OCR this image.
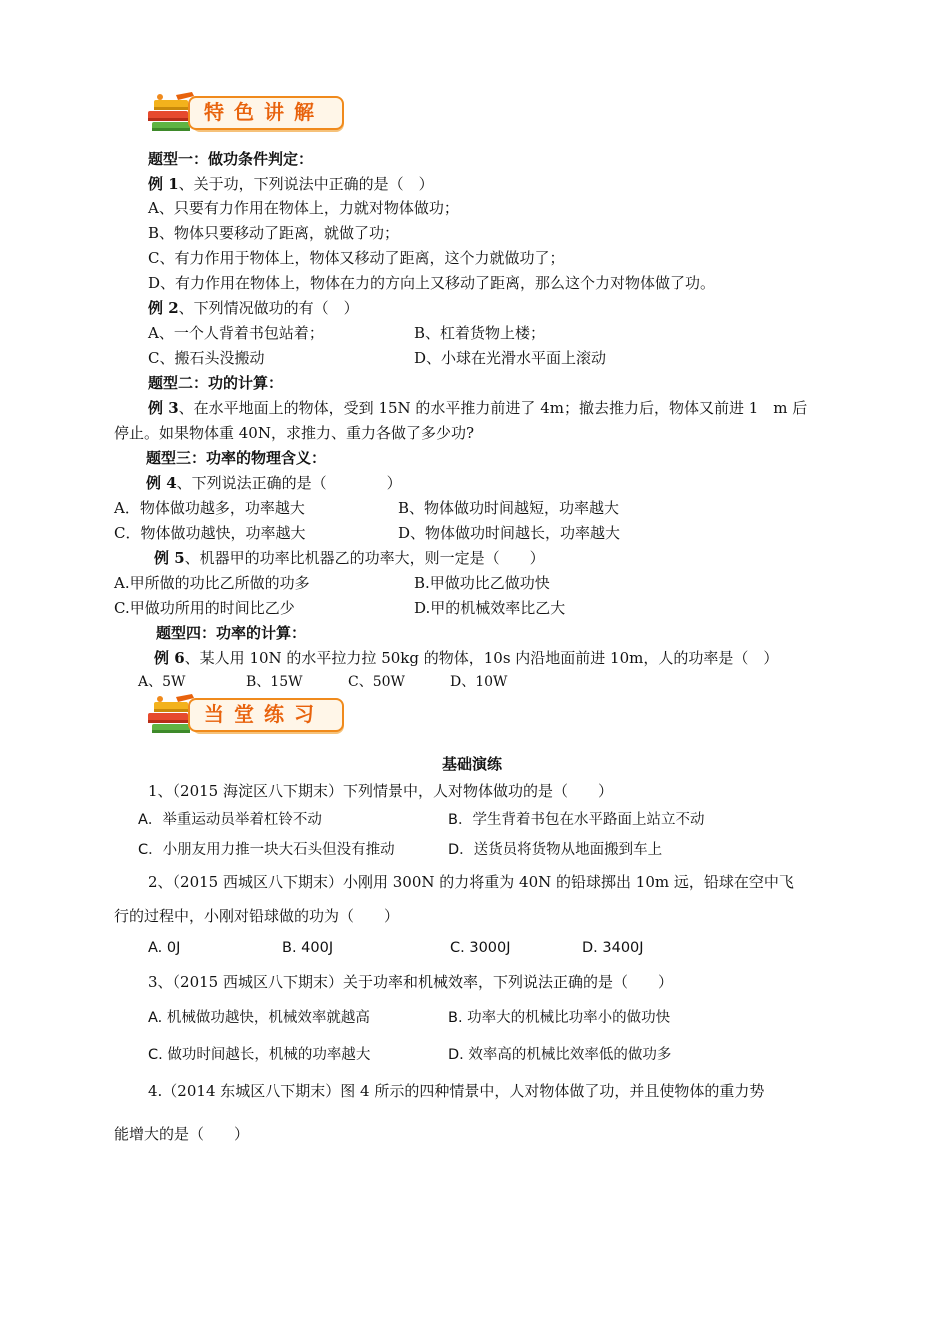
特色讲解
题型一：做功条件判定：
例 1、关于功，下列说法中正确的是（　）
A、只要有力作用在物体上，力就对物体做功；
B、物体只要移动了距离，就做了功；
C、有力作用于物体上，物体又移动了距离，这个力就做功了；
D、有力作用在物体上，物体在力的方向上又移动了距离，那么这个力对物体做了功。
例 2、下列情况做功的有（　）
A、一个人背着书包站着；	B、杠着货物上楼；
C、搬石头没搬动	D、小球在光滑水平面上滚动
题型二：功的计算：
例 3、在水平地面上的物体，受到 15N 的水平推力前进了 4m；撤去推力后，物体又前进 1　m 后
停止。如果物体重 40N，求推力、重力各做了多少功?
题型三：功率的物理含义：
例 4、下列说法正确的是（　　　　）
A．物体做功越多，功率越大	B、物体做功时间越短，功率越大
C．物体做功越快，功率越大	D、物体做功时间越长，功率越大
例 5、机器甲的功率比机器乙的功率大，则一定是（　　）
A.甲所做的功比乙所做的功多	B.甲做功比乙做功快
C.甲做功所用的时间比乙少	D.甲的机械效率比乙大
题型四：功率的计算：
例 6、某人用 10N 的水平拉力拉 50kg 的物体，10s 内沿地面前进 10m，人的功率是（　）
A、5W	B、15W	C、50W	D、10W
当堂练习
基础演练
1、（2015 海淀区八下期末）下列情景中，人对物体做功的是（　　）
A．举重运动员举着杠铃不动	B．学生背着书包在水平路面上站立不动
C．小朋友用力推一块大石头但没有推动	D．送货员将货物从地面搬到车上
2、（2015 西城区八下期末）小刚用 300N 的力将重为 40N 的铅球掷出 10m 远，铅球在空中飞
行的过程中，小刚对铅球做的功为（　　）
A. 0J	B. 400J	C. 3000J	D. 3400J
3、（2015 西城区八下期末）关于功率和机械效率，下列说法正确的是（　　）
A. 机械做功越快，机械效率就越高	B. 功率大的机械比功率小的做功快
C. 做功时间越长，机械的功率越大	D. 效率高的机械比效率低的做功多
4.（2014 东城区八下期末）图 4 所示的四种情景中，人对物体做了功，并且使物体的重力势
能增大的是（　　）
